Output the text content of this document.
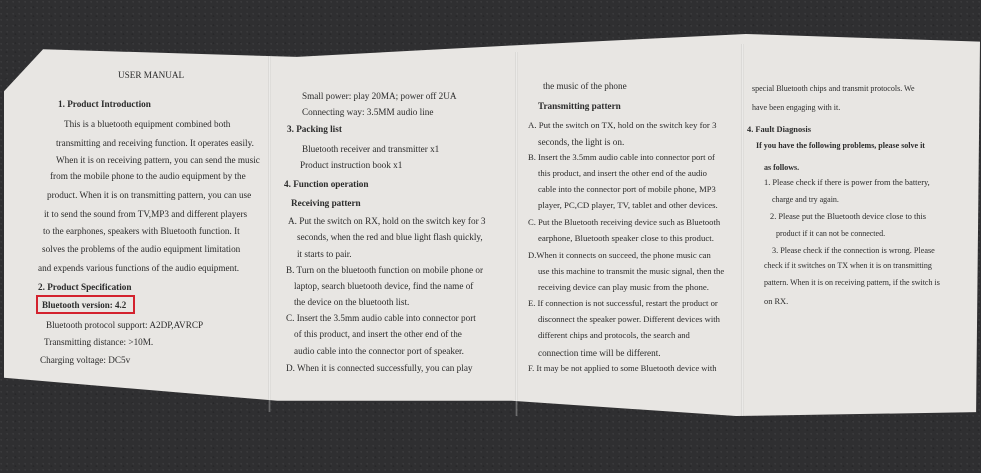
USER MANUAL
1. Product Introduction
This is a bluetooth equipment combined both
transmitting and receiving function. It operates easily.
When it is on receiving pattern, you can send the music
from the mobile phone to the audio equipment by the
product. When it is on transmitting pattern, you can use
it to send the sound from TV,MP3 and different players
to the earphones, speakers with Bluetooth function. It
solves the problems of the audio equipment limitation
and expends various functions of the audio equipment.
2. Product Specification
Bluetooth version: 4.2
Bluetooth protocol support: A2DP,AVRCP
Transmitting distance: >10M.
Charging voltage: DC5v
Small power: play 20MA; power off 2UA
Connecting way: 3.5MM audio line
3. Packing list
Bluetooth receiver and transmitter x1
Product instruction book x1
4. Function operation
Receiving pattern
A. Put the switch on RX, hold on the switch key for 3
seconds, when the red and blue light flash quickly,
it starts to pair.
B. Turn on the bluetooth function on mobile phone or
laptop, search bluetooth device, find the name of
the device on the bluetooth list.
C. Insert the 3.5mm audio cable into connector port
of this product, and insert the other end of the
audio cable into the connector port of speaker.
D. When it is connected successfully, you can play
the music of the phone
Transmitting pattern
A. Put the switch on TX, hold on the switch key for 3
seconds, the light is on.
B. Insert the 3.5mm audio cable into connector port of
this product, and insert the other end of the audio
cable into the connector port of mobile phone, MP3
player, PC,CD player, TV, tablet and other devices.
C. Put the Bluetooth receiving device such as Bluetooth
earphone, Bluetooth speaker close to this product.
D.When it connects on succeed, the phone music can
use this machine to transmit the music signal, then the
receiving device can play music from the phone.
E. If connection is not successful, restart the product or
disconnect the speaker power. Different devices with
different chips and protocols, the search and
connection time will be different.
F. It may be not applied to some Bluetooth device with
special Bluetooth chips and transmit protocols. We
have been engaging with it.
4. Fault Diagnosis
If you have the following problems, please solve it
as follows.
1. Please check if there is power from the battery,
charge and try again.
2. Please put the Bluetooth device close to this
product if it can not be connected.
3. Please check if the connection is wrong. Please
check if it switches on TX when it is on transmitting
pattern. When it is on receiving pattern, if the switch is
on RX.
